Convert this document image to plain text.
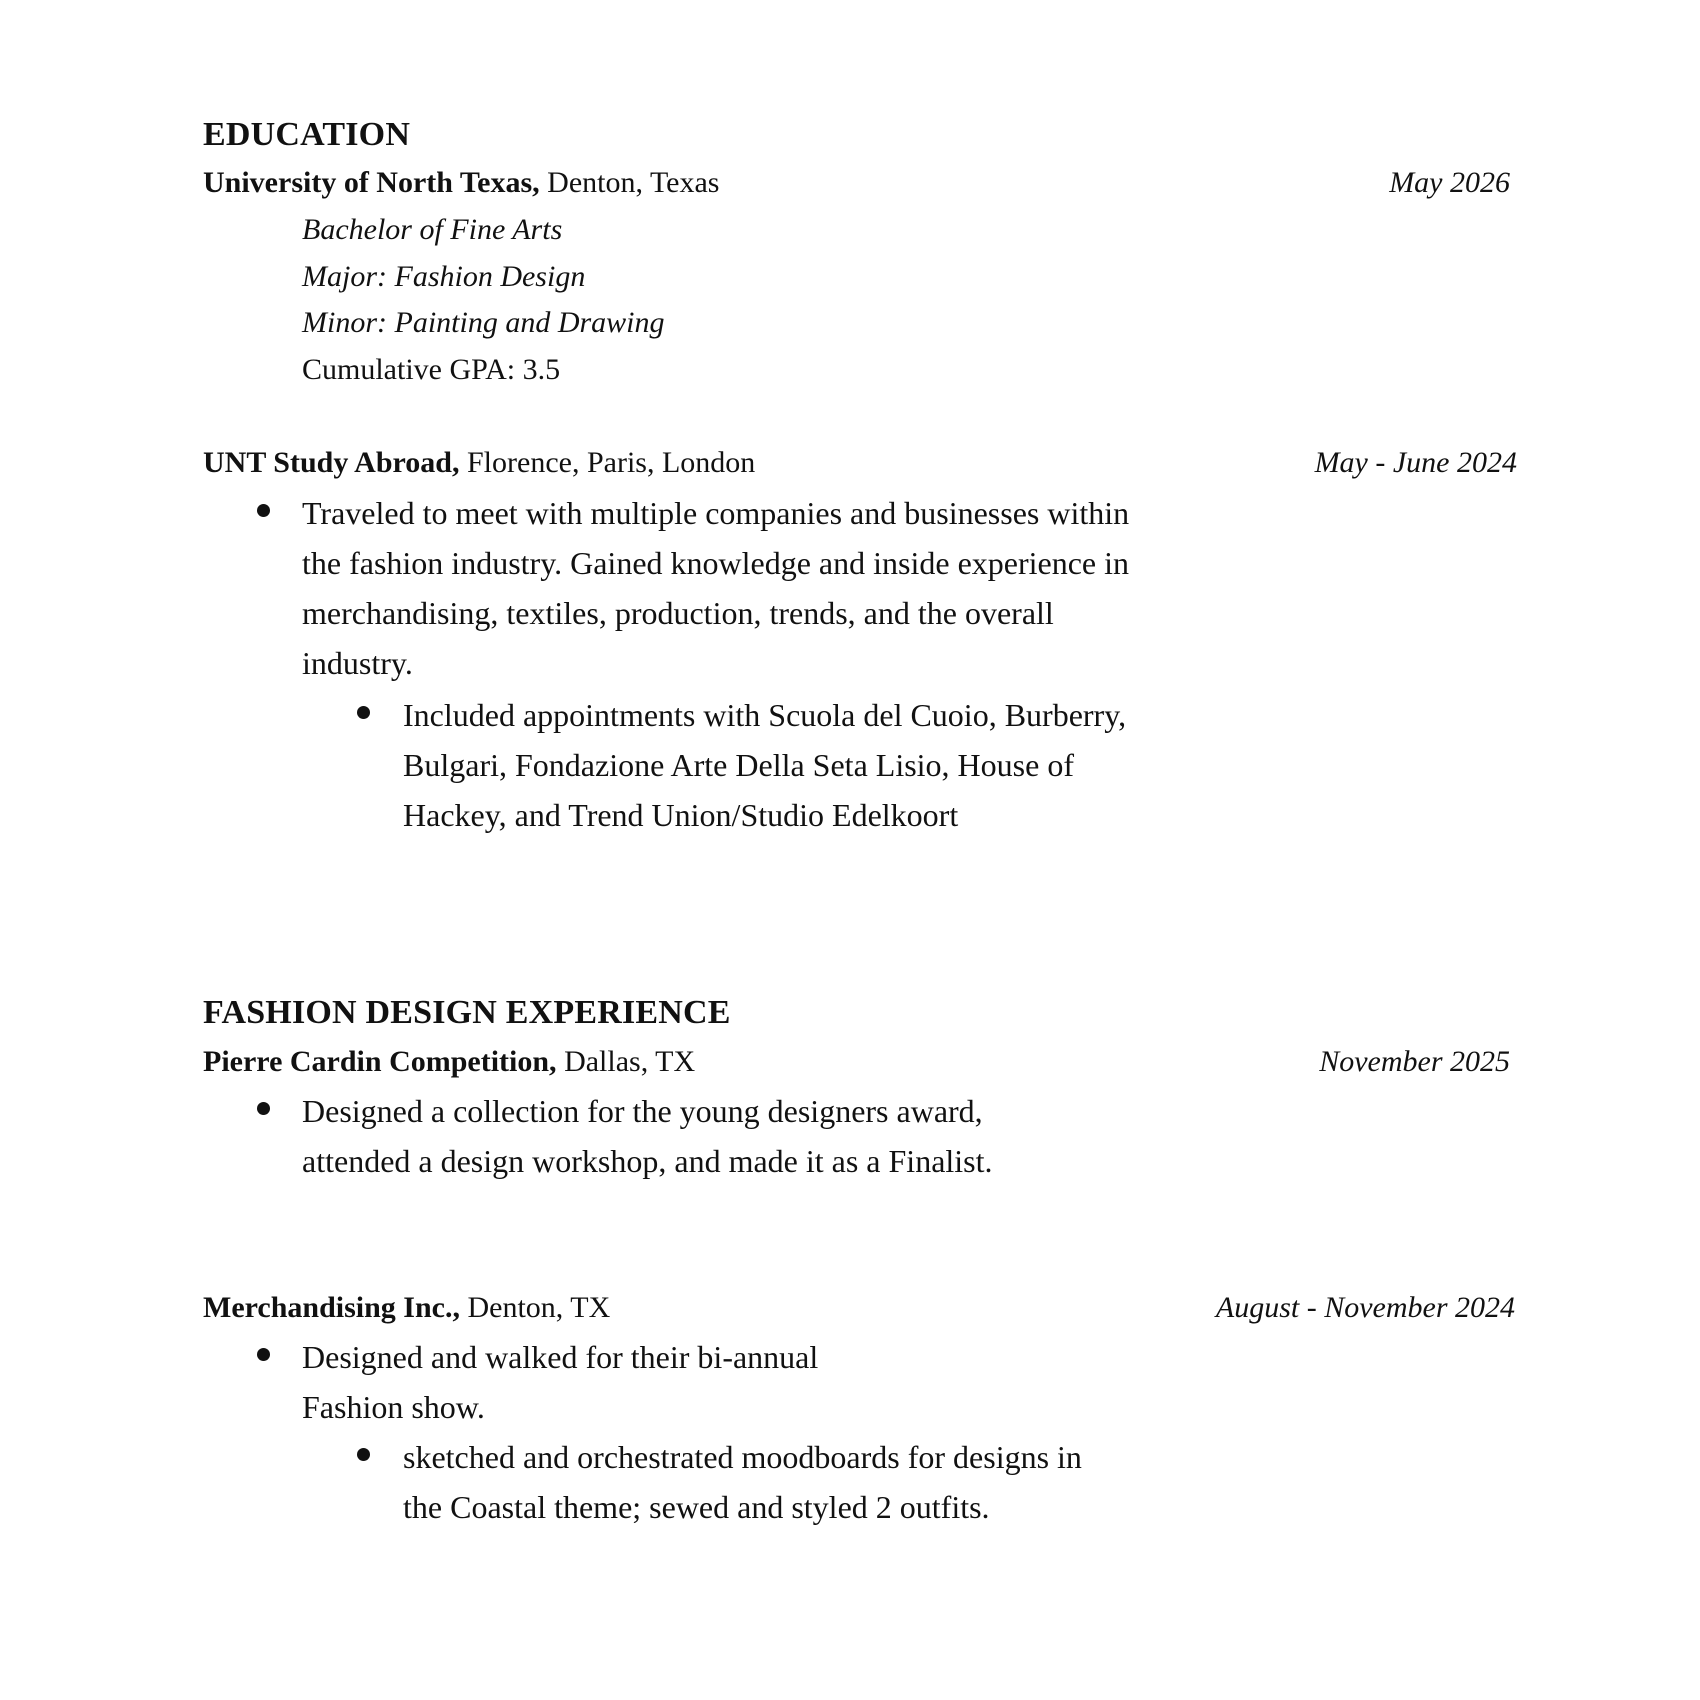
EDUCATION
University of North Texas, Denton, Texas	May 2026
Bachelor of Fine Arts
Major: Fashion Design
Minor: Painting and Drawing
Cumulative GPA: 3.5
UNT Study Abroad, Florence, Paris, London	May - June 2024
Traveled to meet with multiple companies and businesses within the fashion industry. Gained knowledge and inside experience in merchandising, textiles, production, trends, and the overall industry.
Included appointments with Scuola del Cuoio, Burberry, Bulgari, Fondazione Arte Della Seta Lisio, House of Hackey, and Trend Union/Studio Edelkoort
FASHION DESIGN EXPERIENCE
Pierre Cardin Competition, Dallas, TX	November 2025
Designed a collection for the young designers award, attended a design workshop, and made it as a Finalist.
Merchandising Inc., Denton, TX	August - November 2024
Designed and walked for their bi-annual Fashion show.
sketched and orchestrated moodboards for designs in the Coastal theme; sewed and styled 2 outfits.
